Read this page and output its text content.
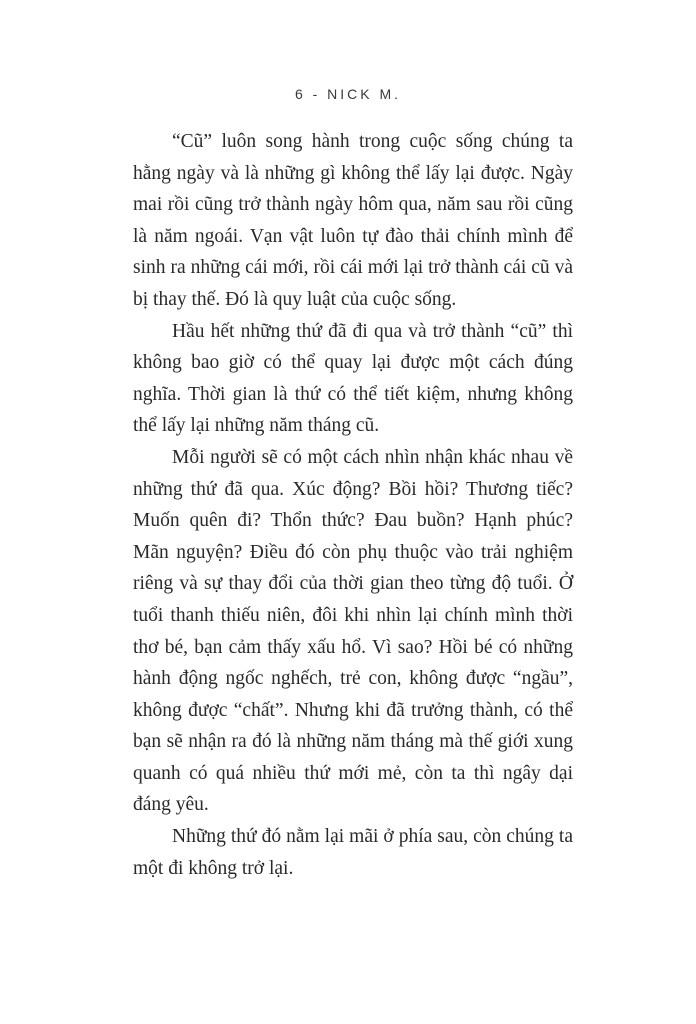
6 - NICK M.

“Cũ” luôn song hành trong cuộc sống chúng ta hằng ngày và là những gì không thể lấy lại được. Ngày mai rồi cũng trở thành ngày hôm qua, năm sau rồi cũng là năm ngoái. Vạn vật luôn tự đào thải chính mình để sinh ra những cái mới, rồi cái mới lại trở thành cái cũ và bị thay thế. Đó là quy luật của cuộc sống.

Hầu hết những thứ đã đi qua và trở thành “cũ” thì không bao giờ có thể quay lại được một cách đúng nghĩa. Thời gian là thứ có thể tiết kiệm, nhưng không thể lấy lại những năm tháng cũ.

Mỗi người sẽ có một cách nhìn nhận khác nhau về những thứ đã qua. Xúc động? Bồi hồi? Thương tiếc? Muốn quên đi? Thổn thức? Đau buồn? Hạnh phúc? Mãn nguyện? Điều đó còn phụ thuộc vào trải nghiệm riêng và sự thay đổi của thời gian theo từng độ tuổi. Ở tuổi thanh thiếu niên, đôi khi nhìn lại chính mình thời thơ bé, bạn cảm thấy xấu hổ. Vì sao? Hồi bé có những hành động ngốc nghếch, trẻ con, không được “ngầu”, không được “chất”. Nhưng khi đã trưởng thành, có thể bạn sẽ nhận ra đó là những năm tháng mà thế giới xung quanh có quá nhiều thứ mới mẻ, còn ta thì ngây dại đáng yêu.

Những thứ đó nằm lại mãi ở phía sau, còn chúng ta một đi không trở lại.
